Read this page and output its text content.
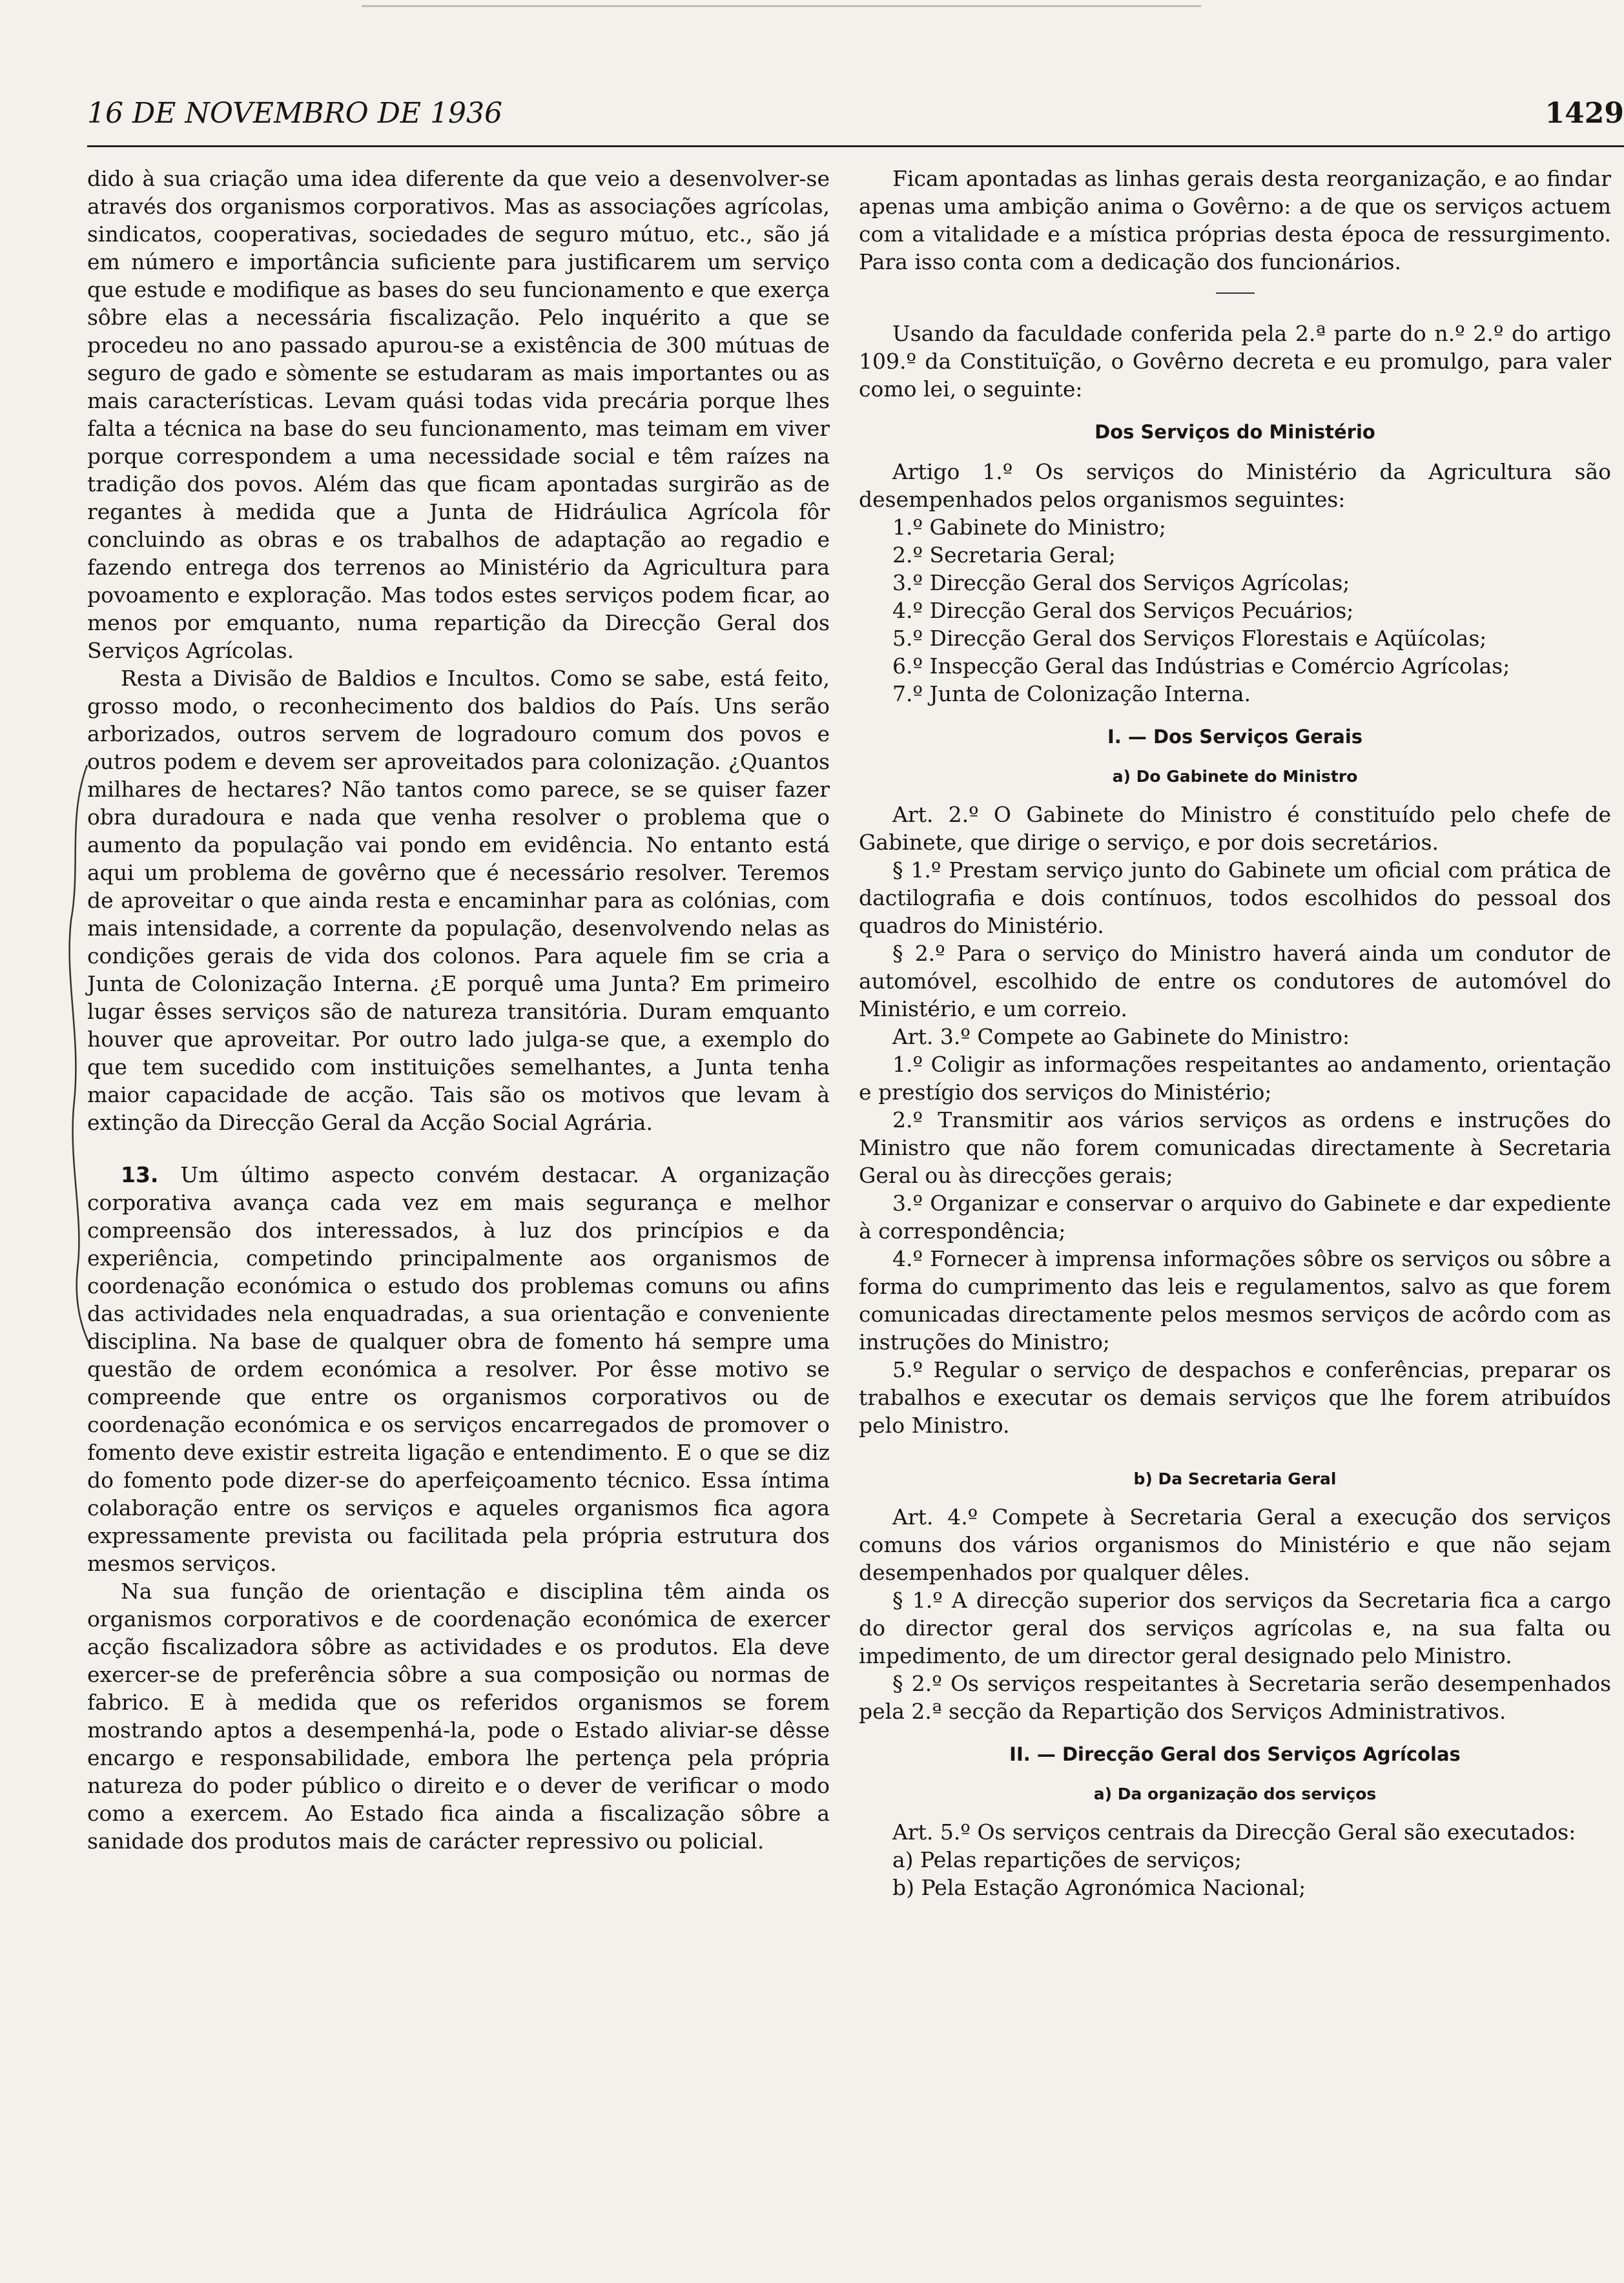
16 DE NOVEMBRO DE 1936	1429

dido à sua criação uma idea diferente da que veio a desenvolver-se através dos organismos corporativos. Mas as associações agrícolas, sindicatos, cooperativas, sociedades de seguro mútuo, etc., são já em número e importância suficiente para justificarem um serviço que estude e modifique as bases do seu funcionamento e que exerça sôbre elas a necessária fiscalização. Pelo inquérito a que se procedeu no ano passado apurou-se a existência de 300 mútuas de seguro de gado e sòmente se estudaram as mais importantes ou as mais características. Levam quási todas vida precária porque lhes falta a técnica na base do seu funcionamento, mas teimam em viver porque correspondem a uma necessidade social e têm raízes na tradição dos povos. Além das que ficam apontadas surgirão as de regantes à medida que a Junta de Hidráulica Agrícola fôr concluindo as obras e os trabalhos de adaptação ao regadio e fazendo entrega dos terrenos ao Ministério da Agricultura para povoamento e exploração. Mas todos estes serviços podem ficar, ao menos por emquanto, numa repartição da Direcção Geral dos Serviços Agrícolas.

Resta a Divisão de Baldios e Incultos. Como se sabe, está feito, grosso modo, o reconhecimento dos baldios do País. Uns serão arborizados, outros servem de logradouro comum dos povos e outros podem e devem ser aproveitados para colonização. ¿Quantos milhares de hectares? Não tantos como parece, se se quiser fazer obra duradoura e nada que venha resolver o problema que o aumento da população vai pondo em evidência. No entanto está aqui um problema de govêrno que é necessário resolver. Teremos de aproveitar o que ainda resta e encaminhar para as colónias, com mais intensidade, a corrente da população, desenvolvendo nelas as condições gerais de vida dos colonos. Para aquele fim se cria a Junta de Colonização Interna. ¿E porquê uma Junta? Em primeiro lugar êsses serviços são de natureza transitória. Duram emquanto houver que aproveitar. Por outro lado julga-se que, a exemplo do que tem sucedido com instituições semelhantes, a Junta tenha maior capacidade de acção. Tais são os motivos que levam à extinção da Direcção Geral da Acção Social Agrária.

13. Um último aspecto convém destacar. A organização corporativa avança cada vez em mais segurança e melhor compreensão dos interessados, à luz dos princípios e da experiência, competindo principalmente aos organismos de coordenação económica o estudo dos problemas comuns ou afins das actividades nela enquadradas, a sua orientação e conveniente disciplina. Na base de qualquer obra de fomento há sempre uma questão de ordem económica a resolver. Por êsse motivo se compreende que entre os organismos corporativos ou de coordenação económica e os serviços encarregados de promover o fomento deve existir estreita ligação e entendimento. E o que se diz do fomento pode dizer-se do aperfeiçoamento técnico. Essa íntima colaboração entre os serviços e aqueles organismos fica agora expressamente prevista ou facilitada pela própria estrutura dos mesmos serviços.

Na sua função de orientação e disciplina têm ainda os organismos corporativos e de coordenação económica de exercer acção fiscalizadora sôbre as actividades e os produtos. Ela deve exercer-se de preferência sôbre a sua composição ou normas de fabrico. E à medida que os referidos organismos se forem mostrando aptos a desempenhá-la, pode o Estado aliviar-se dêsse encargo e responsabilidade, embora lhe pertença pela própria natureza do poder público o direito e o dever de verificar o modo como a exercem. Ao Estado fica ainda a fiscalização sôbre a sanidade dos produtos mais de carácter repressivo ou policial.

Ficam apontadas as linhas gerais desta reorganização, e ao findar apenas uma ambição anima o Govêrno: a de que os serviços actuem com a vitalidade e a mística próprias desta época de ressurgimento. Para isso conta com a dedicação dos funcionários.

Usando da faculdade conferida pela 2.ª parte do n.º 2.º do artigo 109.º da Constituïção, o Govêrno decreta e eu promulgo, para valer como lei, o seguinte:

Dos Serviços do Ministério

Artigo 1.º Os serviços do Ministério da Agricultura são desempenhados pelos organismos seguintes:

1.º Gabinete do Ministro;

2.º Secretaria Geral;

3.º Direcção Geral dos Serviços Agrícolas;

4.º Direcção Geral dos Serviços Pecuários;

5.º Direcção Geral dos Serviços Florestais e Aqüícolas;

6.º Inspecção Geral das Indústrias e Comércio Agrícolas;

7.º Junta de Colonização Interna.

I. — Dos Serviços Gerais
a) Do Gabinete do Ministro

Art. 2.º O Gabinete do Ministro é constituído pelo chefe de Gabinete, que dirige o serviço, e por dois secretários.

§ 1.º Prestam serviço junto do Gabinete um oficial com prática de dactilografia e dois contínuos, todos escolhidos do pessoal dos quadros do Ministério.

§ 2.º Para o serviço do Ministro haverá ainda um condutor de automóvel, escolhido de entre os condutores de automóvel do Ministério, e um correio.

Art. 3.º Compete ao Gabinete do Ministro:

1.º Coligir as informações respeitantes ao andamento, orientação e prestígio dos serviços do Ministério;

2.º Transmitir aos vários serviços as ordens e instruções do Ministro que não forem comunicadas directamente à Secretaria Geral ou às direcções gerais;

3.º Organizar e conservar o arquivo do Gabinete e dar expediente à correspondência;

4.º Fornecer à imprensa informações sôbre os serviços ou sôbre a forma do cumprimento das leis e regulamentos, salvo as que forem comunicadas directamente pelos mesmos serviços de acôrdo com as instruções do Ministro;

5.º Regular o serviço de despachos e conferências, preparar os trabalhos e executar os demais serviços que lhe forem atribuídos pelo Ministro.

b) Da Secretaria Geral

Art. 4.º Compete à Secretaria Geral a execução dos serviços comuns dos vários organismos do Ministério e que não sejam desempenhados por qualquer dêles.

§ 1.º A direcção superior dos serviços da Secretaria fica a cargo do director geral dos serviços agrícolas e, na sua falta ou impedimento, de um director geral designado pelo Ministro.

§ 2.º Os serviços respeitantes à Secretaria serão desempenhados pela 2.ª secção da Repartição dos Serviços Administrativos.

II. — Direcção Geral dos Serviços Agrícolas
a) Da organização dos serviços

Art. 5.º Os serviços centrais da Direcção Geral são executados:

a) Pelas repartições de serviços;

b) Pela Estação Agronómica Nacional;
